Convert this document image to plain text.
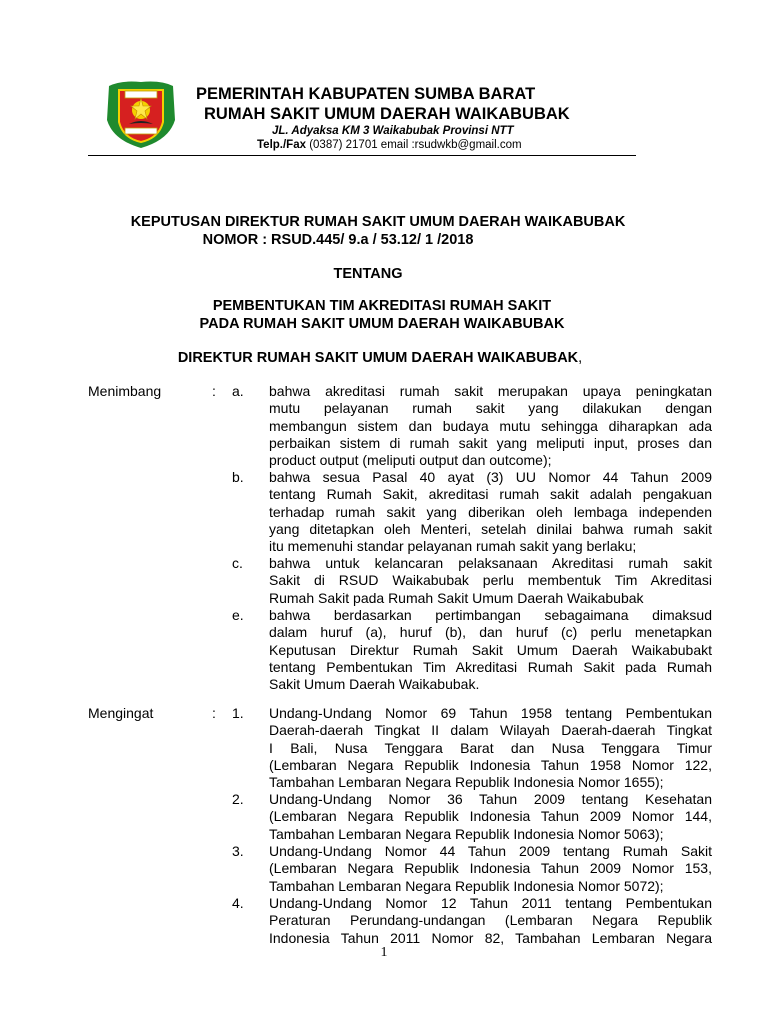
PEMERINTAH KABUPATEN SUMBA BARAT
RUMAH SAKIT UMUM DAERAH WAIKABUBAK
JL. Adyaksa KM 3 Waikabubak Provinsi NTT
Telp./Fax (0387) 21701 email :rsudwkb@gmail.com
KEPUTUSAN DIREKTUR RUMAH SAKIT UMUM DAERAH WAIKABUBAK
NOMOR : RSUD.445/ 9.a / 53.12/ 1 /2018
TENTANG
PEMBENTUKAN TIM AKREDITASI RUMAH SAKIT
PADA RUMAH SAKIT UMUM DAERAH WAIKABUBAK
DIREKTUR RUMAH SAKIT UMUM DAERAH WAIKABUBAK,
Menimbang	: a. bahwa akreditasi rumah sakit merupakan upaya peningkatan
mutu pelayanan rumah sakit yang dilakukan dengan
membangun sistem dan budaya mutu sehingga diharapkan ada
perbaikan sistem di rumah sakit yang meliputi input, proses dan
product output (meliputi output dan outcome);
b. bahwa sesua Pasal 40 ayat (3) UU Nomor 44 Tahun 2009
tentang Rumah Sakit, akreditasi rumah sakit adalah pengakuan
terhadap rumah sakit yang diberikan oleh lembaga independen
yang ditetapkan oleh Menteri, setelah dinilai bahwa rumah sakit
itu memenuhi standar pelayanan rumah sakit yang berlaku;
c. bahwa untuk kelancaran pelaksanaan Akreditasi rumah sakit
Sakit di RSUD Waikabubak perlu membentuk Tim Akreditasi
Rumah Sakit pada Rumah Sakit Umum Daerah Waikabubak
e. bahwa berdasarkan pertimbangan sebagaimana dimaksud
dalam huruf (a), huruf (b), dan huruf (c) perlu menetapkan
Keputusan Direktur Rumah Sakit Umum Daerah Waikabubakt
tentang Pembentukan Tim Akreditasi Rumah Sakit pada Rumah
Sakit Umum Daerah Waikabubak.
Mengingat	: 1. Undang-Undang Nomor 69 Tahun 1958 tentang Pembentukan
Daerah-daerah Tingkat II dalam Wilayah Daerah-daerah Tingkat
I Bali, Nusa Tenggara Barat dan Nusa Tenggara Timur
(Lembaran Negara Republik Indonesia Tahun 1958 Nomor 122,
Tambahan Lembaran Negara Republik Indonesia Nomor 1655);
2. Undang-Undang Nomor 36 Tahun 2009 tentang Kesehatan
(Lembaran Negara Republik Indonesia Tahun 2009 Nomor 144,
Tambahan Lembaran Negara Republik Indonesia Nomor 5063);
3. Undang-Undang Nomor 44 Tahun 2009 tentang Rumah Sakit
(Lembaran Negara Republik Indonesia Tahun 2009 Nomor 153,
Tambahan Lembaran Negara Republik Indonesia Nomor 5072);
4. Undang-Undang Nomor 12 Tahun 2011 tentang Pembentukan
Peraturan Perundang-undangan (Lembaran Negara Republik
Indonesia Tahun 2011 Nomor 82, Tambahan Lembaran Negara
1
